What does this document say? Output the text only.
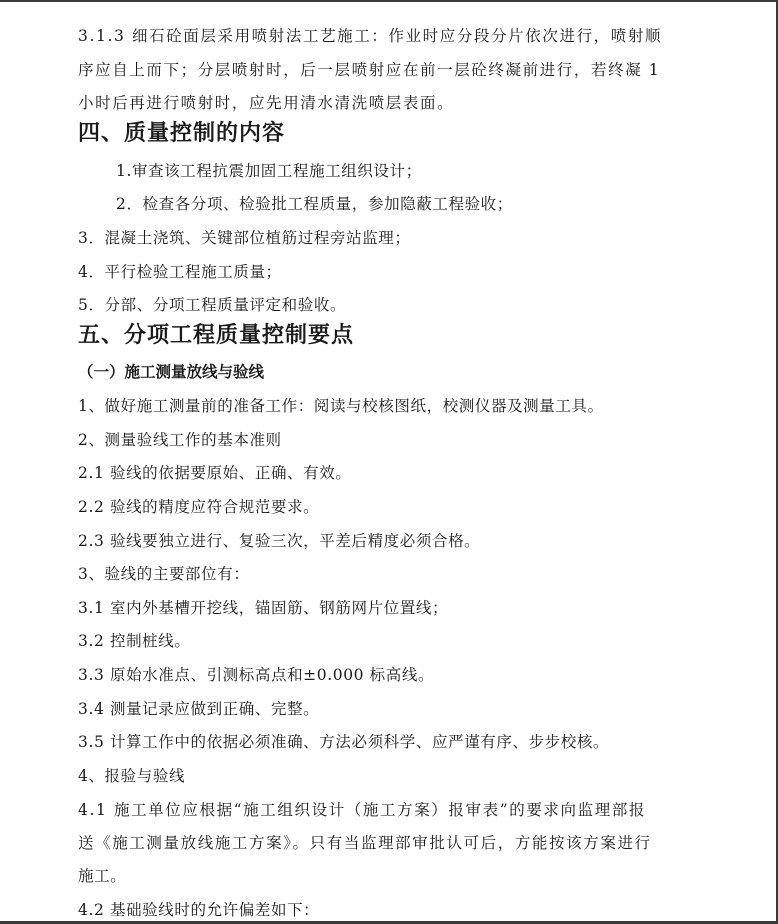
3.1.3 细石砼面层采用喷射法工艺施工：作业时应分段分片依次进行，喷射顺
序应自上而下；分层喷射时，后一层喷射应在前一层砼终凝前进行，若终凝 1
小时后再进行喷射时，应先用清水清洗喷层表面。
四、质量控制的内容
1.审查该工程抗震加固工程施工组织设计；
2．检查各分项、检验批工程质量，参加隐蔽工程验收；
3．混凝土浇筑、关键部位植筋过程旁站监理；
4．平行检验工程施工质量；
5．分部、分项工程质量评定和验收。
五、分项工程质量控制要点
（一）施工测量放线与验线
1、做好施工测量前的准备工作：阅读与校核图纸，校测仪器及测量工具。
2、测量验线工作的基本准则
2.1 验线的依据要原始、正确、有效。
2.2 验线的精度应符合规范要求。
2.3 验线要独立进行、复验三次，平差后精度必须合格。
3、验线的主要部位有：
3.1 室内外基槽开挖线，锚固筋、钢筋网片位置线；
3.2 控制桩线。
3.3 原始水准点、引测标高点和±0.000 标高线。
3.4 测量记录应做到正确、完整。
3.5 计算工作中的依据必须准确、方法必须科学、应严谨有序、步步校核。
4、报验与验线
4.1 施工单位应根据“施工组织设计（施工方案）报审表”的要求向监理部报
送《施工测量放线施工方案》。只有当监理部审批认可后，方能按该方案进行
施工。
4.2 基础验线时的允许偏差如下：
